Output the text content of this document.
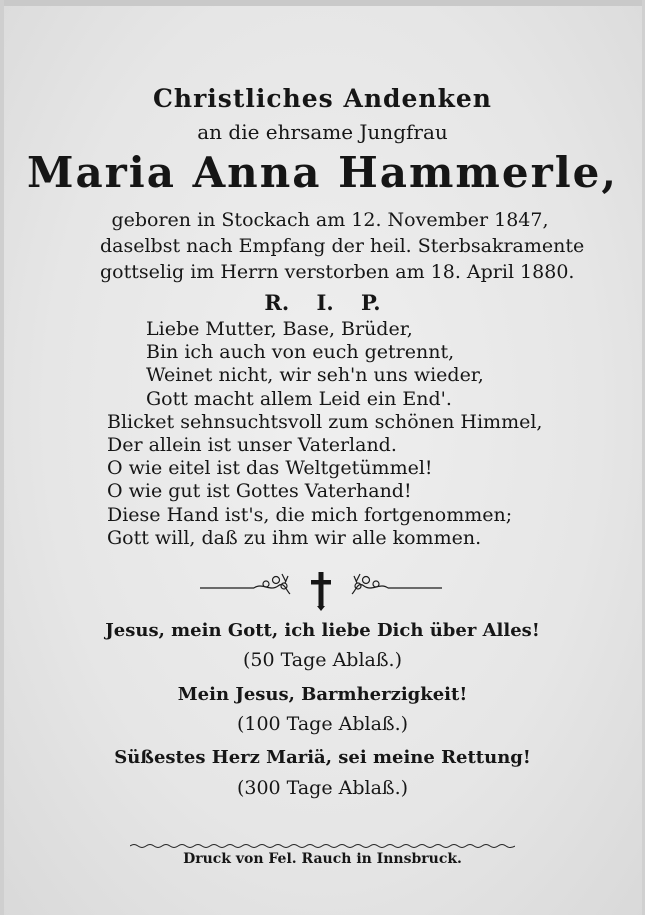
Christliches Andenken
an die ehrsame Jungfrau
Maria Anna Hammerle,
geboren in Stockach am 12. November 1847,
daselbst nach Empfang der heil. Sterbsakramente
gottselig im Herrn verstorben am 18. April 1880.
R. I. P.
Liebe Mutter, Base, Brüder,
Bin ich auch von euch getrennt,
Weinet nicht, wir seh'n uns wieder,
Gott macht allem Leid ein End'.
Blicket sehnsuchtsvoll zum schönen Himmel,
Der allein ist unser Vaterland.
O wie eitel ist das Weltgetümmel!
O wie gut ist Gottes Vaterhand!
Diese Hand ist's, die mich fortgenommen;
Gott will, daß zu ihm wir alle kommen.
Jesus, mein Gott, ich liebe Dich über Alles!
(50 Tage Ablaß.)
Mein Jesus, Barmherzigkeit!
(100 Tage Ablaß.)
Süßestes Herz Mariä, sei meine Rettung!
(300 Tage Ablaß.)
Druck von Fel. Rauch in Innsbruck.
